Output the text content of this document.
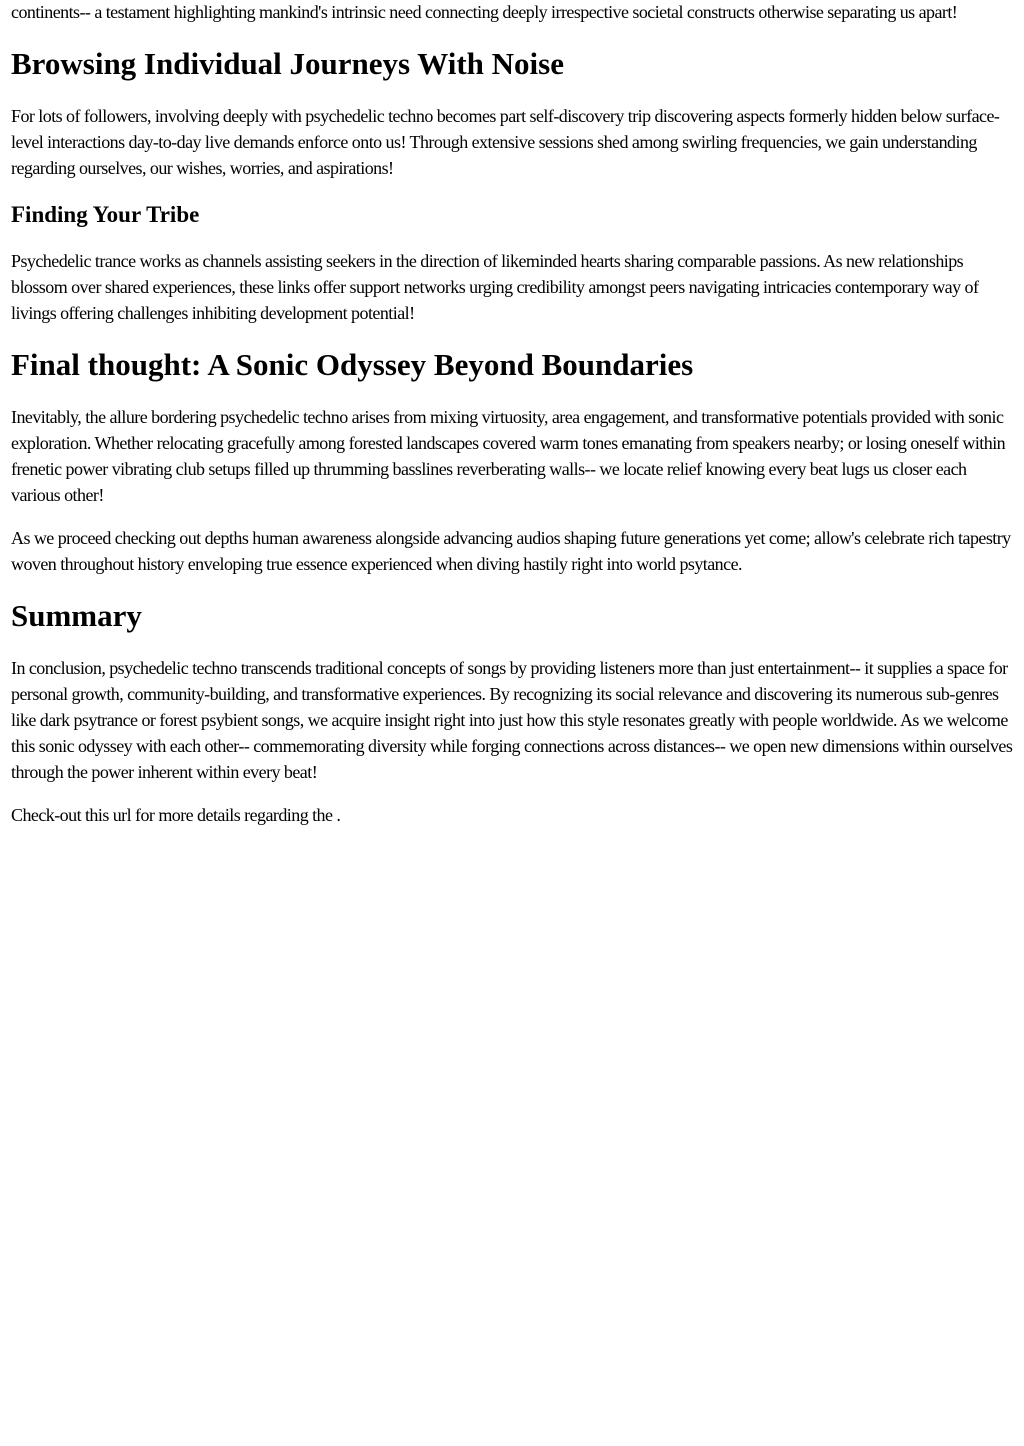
continents-- a testament highlighting mankind's intrinsic need connecting deeply irrespective societal constructs otherwise separating us apart!

Browsing Individual Journeys With Noise

For lots of followers, involving deeply with psychedelic techno becomes part self-discovery trip discovering aspects formerly hidden below surface-level interactions day-to-day live demands enforce onto us! Through extensive sessions shed among swirling frequencies, we gain understanding regarding ourselves, our wishes, worries, and aspirations!

Finding Your Tribe

Psychedelic trance works as channels assisting seekers in the direction of likeminded hearts sharing comparable passions. As new relationships blossom over shared experiences, these links offer support networks urging credibility amongst peers navigating intricacies contemporary way of livings offering challenges inhibiting development potential!

Final thought: A Sonic Odyssey Beyond Boundaries

Inevitably, the allure bordering psychedelic techno arises from mixing virtuosity, area engagement, and transformative potentials provided with sonic exploration. Whether relocating gracefully among forested landscapes covered warm tones emanating from speakers nearby; or losing oneself within frenetic power vibrating club setups filled up thrumming basslines reverberating walls-- we locate relief knowing every beat lugs us closer each various other!

As we proceed checking out depths human awareness alongside advancing audios shaping future generations yet come; allow's celebrate rich tapestry woven throughout history enveloping true essence experienced when diving hastily right into world psytance.

Summary

In conclusion, psychedelic techno transcends traditional concepts of songs by providing listeners more than just entertainment-- it supplies a space for personal growth, community-building, and transformative experiences. By recognizing its social relevance and discovering its numerous sub-genres like dark psytrance or forest psybient songs, we acquire insight right into just how this style resonates greatly with people worldwide. As we welcome this sonic odyssey with each other-- commemorating diversity while forging connections across distances-- we open new dimensions within ourselves through the power inherent within every beat!

Check-out this url for more details regarding the .
